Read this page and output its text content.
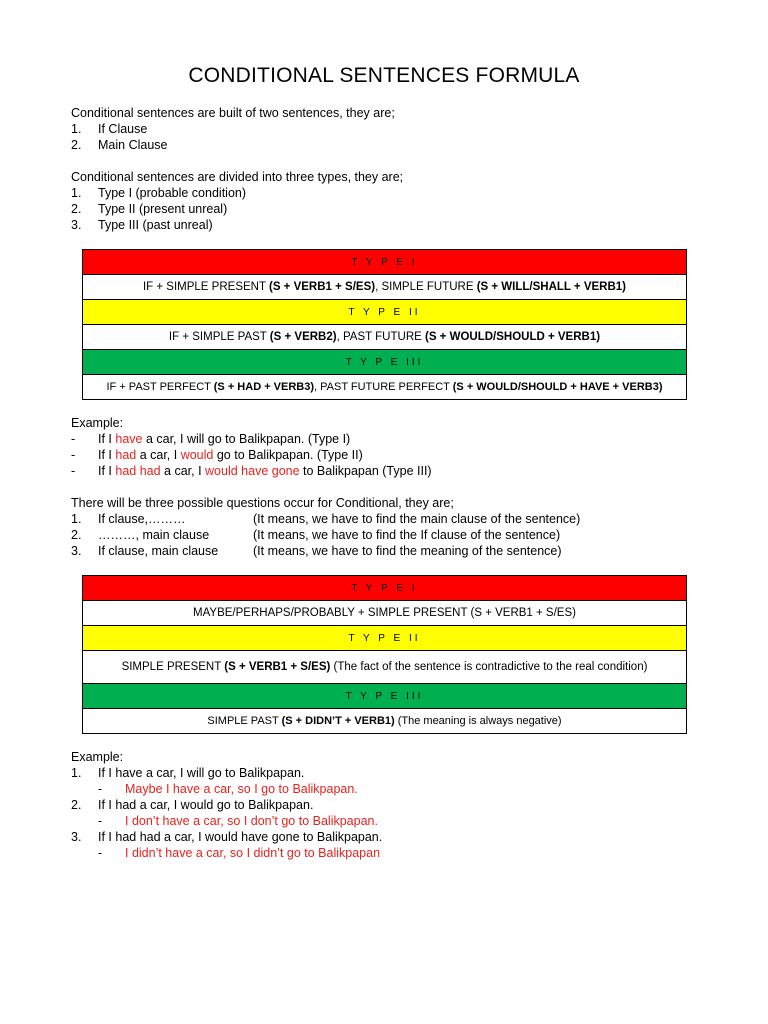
CONDITIONAL SENTENCES FORMULA
Conditional sentences are built of two sentences, they are;
1.	If Clause
2.	Main Clause
Conditional sentences are divided into three types, they are;
1.	Type I (probable condition)
2.	Type II (present unreal)
3.	Type III (past unreal)
T Y P E I
IF + SIMPLE PRESENT (S + VERB1 + S/ES), SIMPLE FUTURE (S + WILL/SHALL + VERB1)
T Y P E II
IF + SIMPLE PAST (S + VERB2), PAST FUTURE (S + WOULD/SHOULD + VERB1)
T Y P E III
IF + PAST PERFECT (S + HAD + VERB3), PAST FUTURE PERFECT (S + WOULD/SHOULD + HAVE + VERB3)
Example:
-	If I have a car, I will go to Balikpapan. (Type I)
-	If I had a car, I would go to Balikpapan. (Type II)
-	If I had had a car, I would have gone to Balikpapan (Type III)
There will be three possible questions occur for Conditional, they are;
1.	If clause,………	(It means, we have to find the main clause of the sentence)
2.	………, main clause	(It means, we have to find the If clause of the sentence)
3.	If clause, main clause	(It means, we have to find the meaning of the sentence)
T Y P E I
MAYBE/PERHAPS/PROBABLY + SIMPLE PRESENT (S + VERB1 + S/ES)
T Y P E II
SIMPLE PRESENT (S + VERB1 + S/ES) (The fact of the sentence is contradictive to the real condition)
T Y P E III
SIMPLE PAST (S + DIDN’T + VERB1) (The meaning is always negative)
Example:
1.	If I have a car, I will go to Balikpapan.
-	Maybe I have a car, so I go to Balikpapan.
2.	If I had a car, I would go to Balikpapan.
-	I don’t have a car, so I don’t go to Balikpapan.
3.	If I had had a car, I would have gone to Balikpapan.
-	I didn’t have a car, so I didn’t go to Balikpapan
